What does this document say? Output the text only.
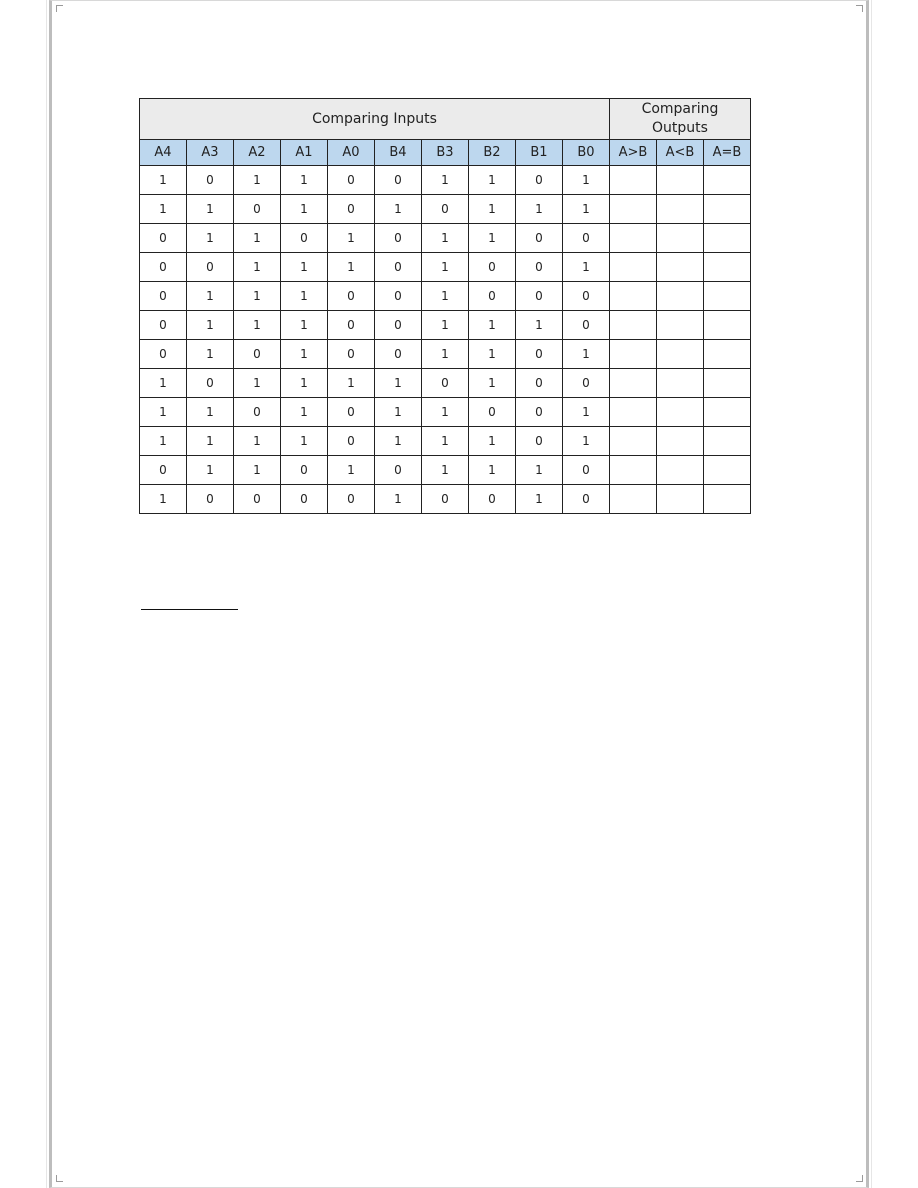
Comparing Inputs										Comparing
Outputs		
A4	A3	A2	A1	A0	B4	B3	B2	B1	B0	A>B	A<B	A=B
1	0	1	1	0	0	1	1	0	1			
1	1	0	1	0	1	0	1	1	1			
0	1	1	0	1	0	1	1	0	0			
0	0	1	1	1	0	1	0	0	1			
0	1	1	1	0	0	1	0	0	0			
0	1	1	1	0	0	1	1	1	0			
0	1	0	1	0	0	1	1	0	1			
1	0	1	1	1	1	0	1	0	0			
1	1	0	1	0	1	1	0	0	1			
1	1	1	1	0	1	1	1	0	1			
0	1	1	0	1	0	1	1	1	0			
1	0	0	0	0	1	0	0	1	0			
